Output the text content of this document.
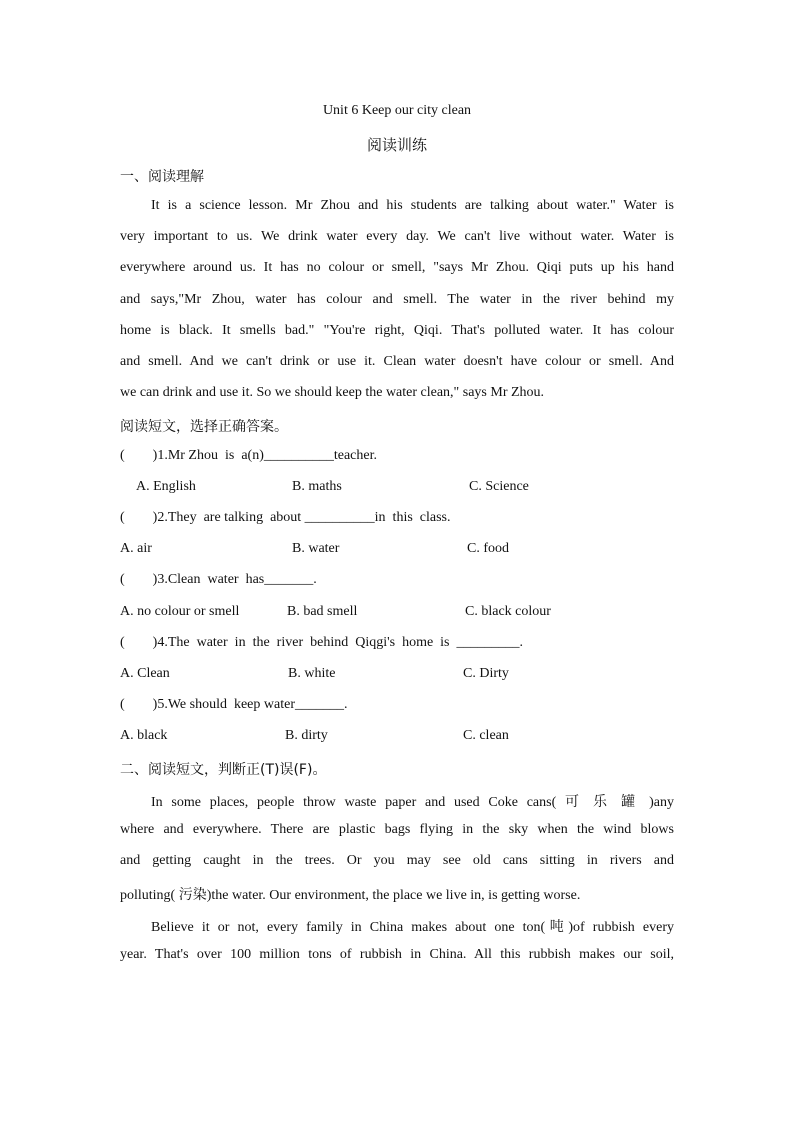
Unit 6 Keep our city clean
阅读训练
一、阅读理解
It is a science lesson. Mr Zhou and his students are talking about water." Water is
very important to us. We drink water every day. We can't live without water. Water is
everywhere around us. It has no colour or smell, "says Mr Zhou. Qiqi puts up his hand
and says,"Mr Zhou, water has colour and smell. The water in the river behind my
home is black. It smells bad." "You're right, Qiqi. That's polluted water. It has colour
and smell. And we can't drink or use it. Clean water doesn't have colour or smell. And
we can drink and use it. So we should keep the water clean," says Mr Zhou.
阅读短文，选择正确答案。
(        )1.Mr Zhou  is  a(n)__________teacher.
A. English	B. maths	C. Science
(        )2.They  are talking  about __________in  this  class.
A. air	B. water	C. food
(        )3.Clean  water  has_______.
A. no colour or smell	B. bad smell	C. black colour
(        )4.The  water  in  the  river  behind  Qiqgi's  home  is  _________.
A. Clean	B. white	C. Dirty
(        )5.We should  keep water_______.
A. black	B. dirty	C. clean
二、阅读短文，判断正(T)误(F)。
In some places, people throw waste paper and used Coke cans( 可 乐 罐 )any
where and everywhere. There are plastic bags flying in the sky when the wind blows
and getting caught in the trees. Or you may see old cans sitting in rivers and
polluting( 污染)the water. Our environment, the place we live in, is getting worse.
Believe it or not, every family in China makes about one ton(吨)of rubbish every
year. That's over 100 million tons of rubbish in China. All this rubbish makes our soil,
